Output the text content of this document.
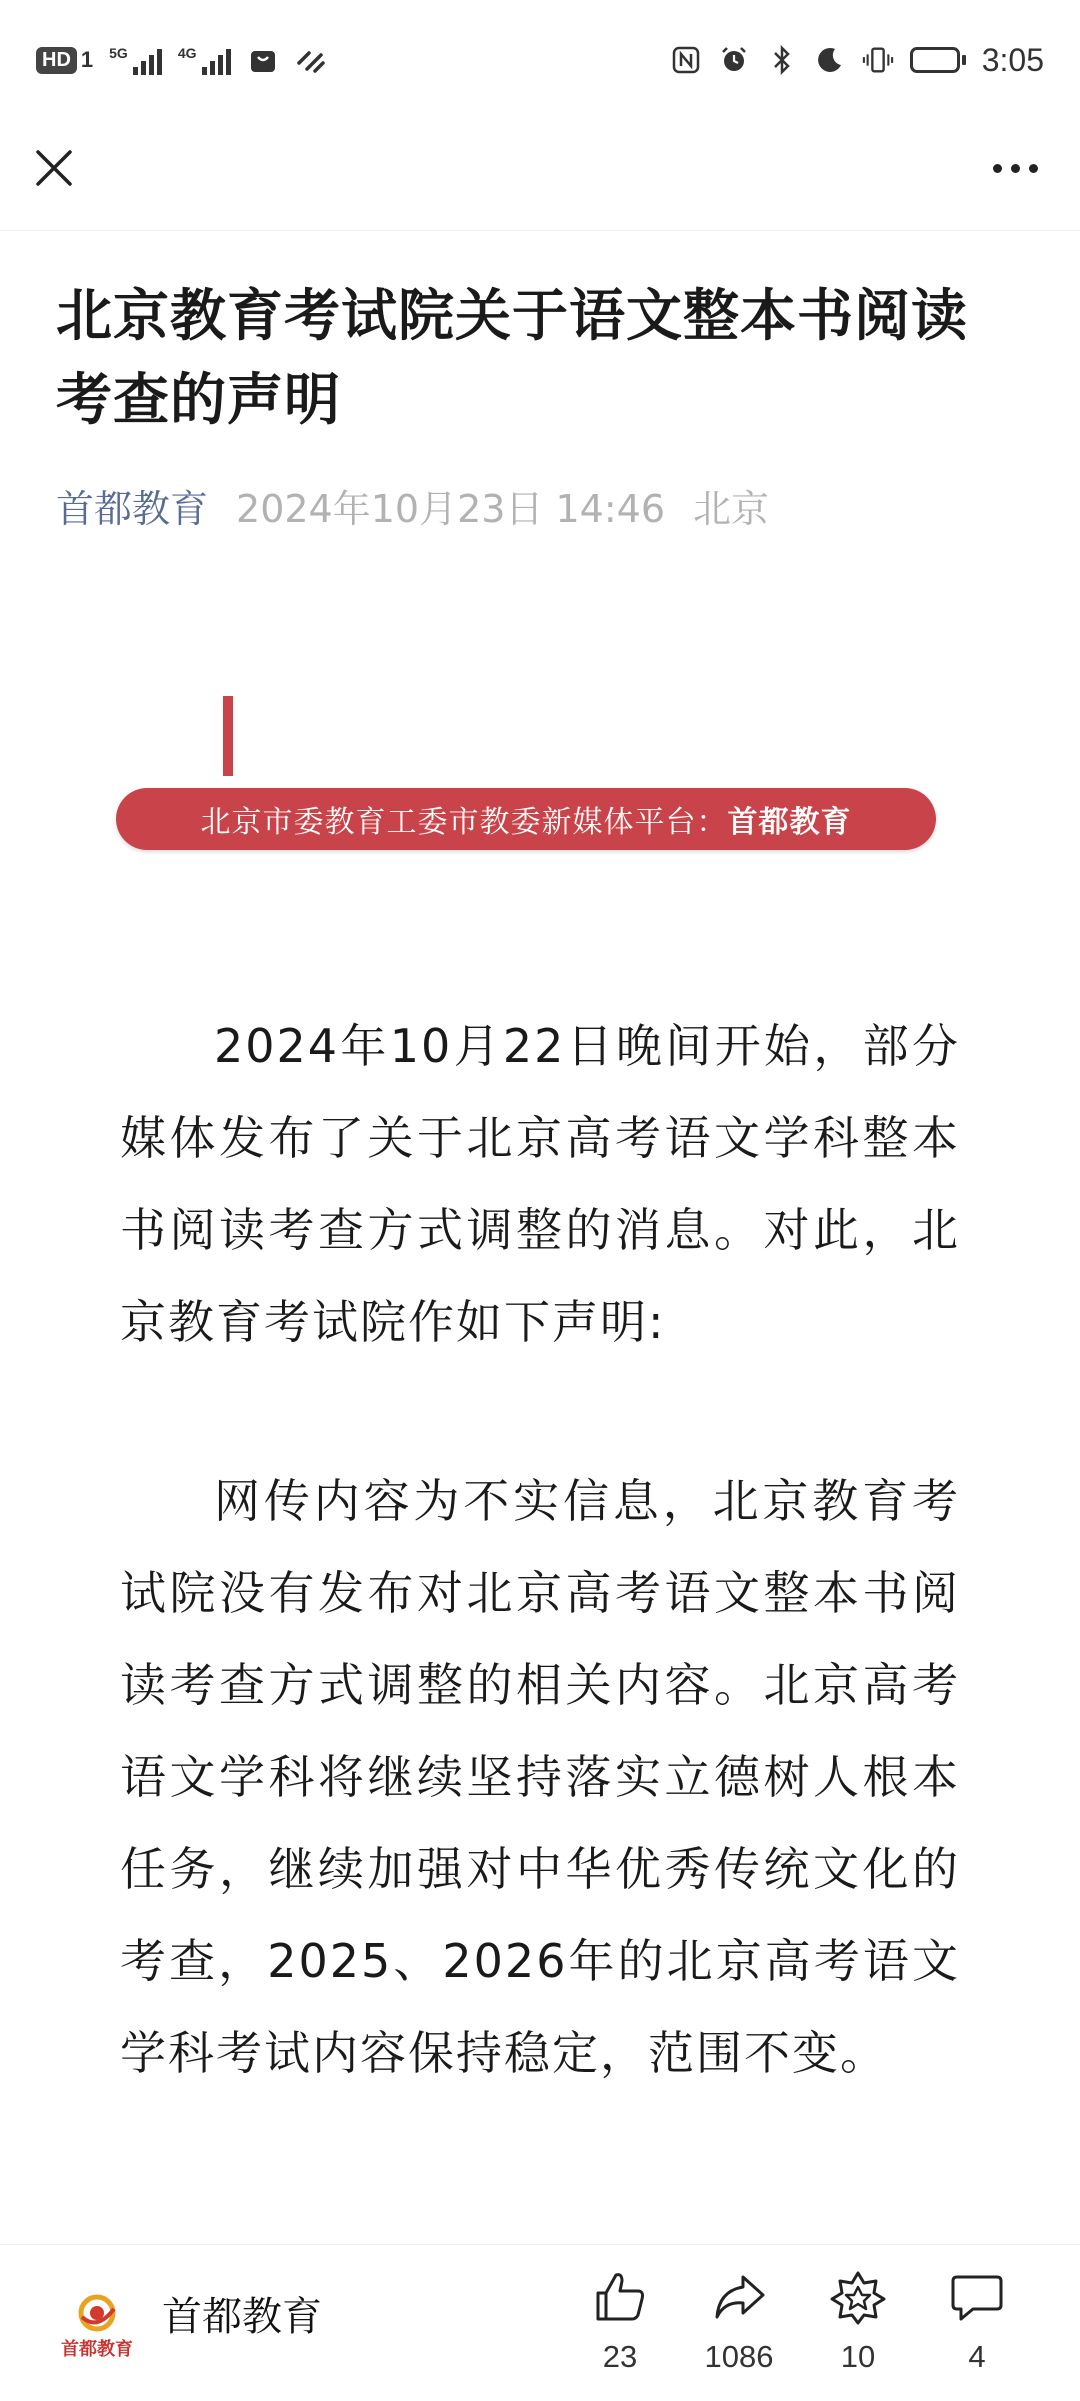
HD 1 5G	4G	3:05
北京教育考试院关于语文整本书阅读考查的声明
首都教育 2024年10月23日 14:46 北京
北京市委教育工委市教委新媒体平台： 首都教育

2024年10月22日晚间开始，部分媒体发布了关于北京高考语文学科整本书阅读考查方式调整的消息。对此，北京教育考试院作如下声明:

网传内容为不实信息，北京教育考试院没有发布对北京高考语文整本书阅读考查方式调整的相关内容。北京高考语文学科将继续坚持落实立德树人根本任务，继续加强对中华优秀传统文化的考查，2025、2026年的北京高考语文学科考试内容保持稳定，范围不变。

首都教育
首都教育
23 1086 10	4
